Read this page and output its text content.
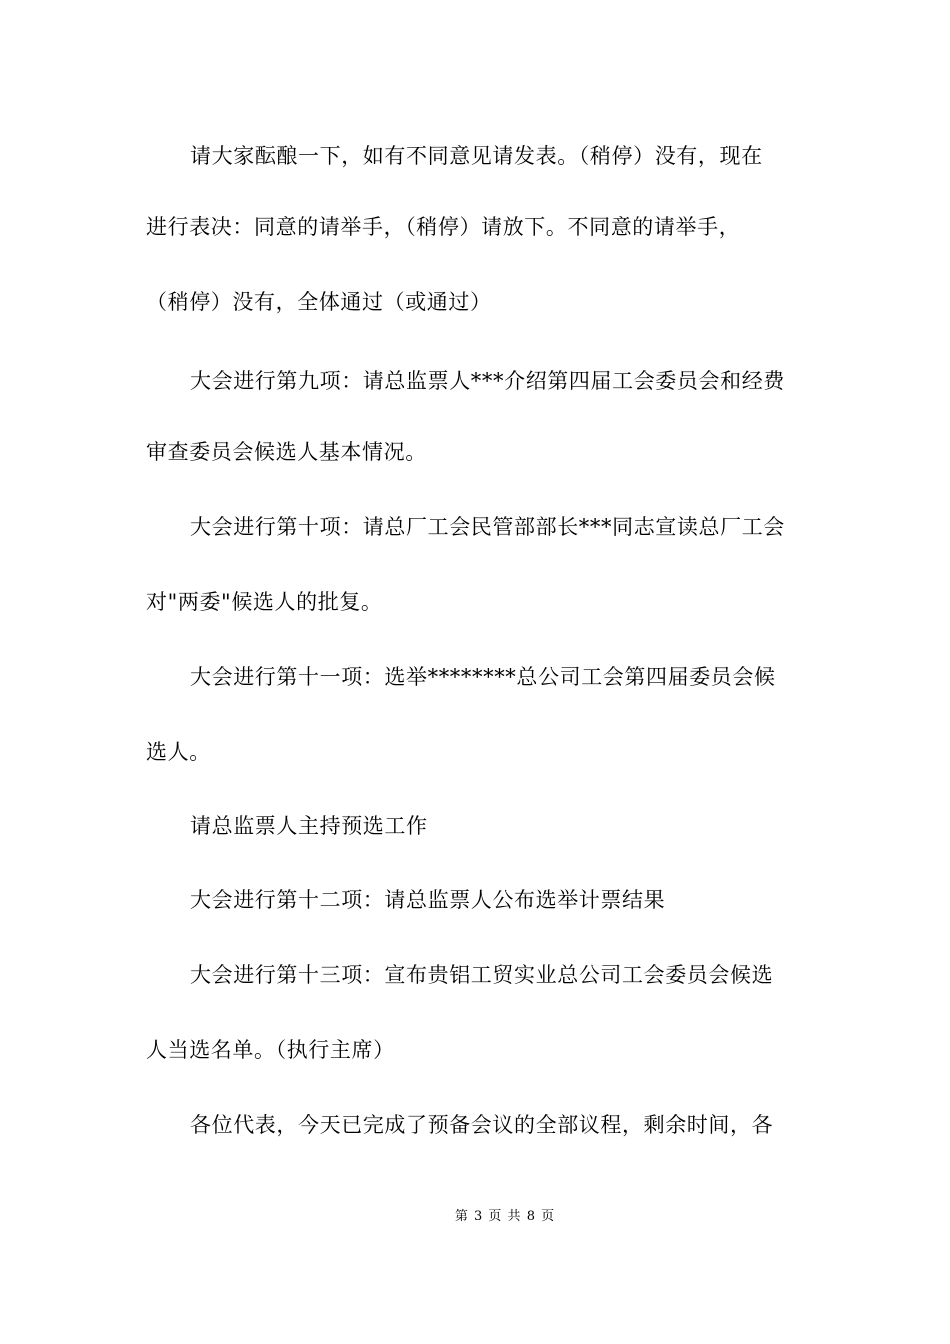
请大家酝酿一下，如有不同意见请发表。（稍停）没有，现在
进行表决：同意的请举手，（稍停）请放下。不同意的请举手，
（稍停）没有，全体通过（或通过）
大会进行第九项：请总监票人***介绍第四届工会委员会和经费
审查委员会候选人基本情况。
大会进行第十项：请总厂工会民管部部长***同志宣读总厂工会
对"两委"候选人的批复。
大会进行第十一项：选举********总公司工会第四届委员会候
选人。
请总监票人主持预选工作
大会进行第十二项：请总监票人公布选举计票结果
大会进行第十三项：宣布贵铝工贸实业总公司工会委员会候选
人当选名单。（执行主席）
各位代表，今天已完成了预备会议的全部议程，剩余时间，各
第 3 页 共 8 页
